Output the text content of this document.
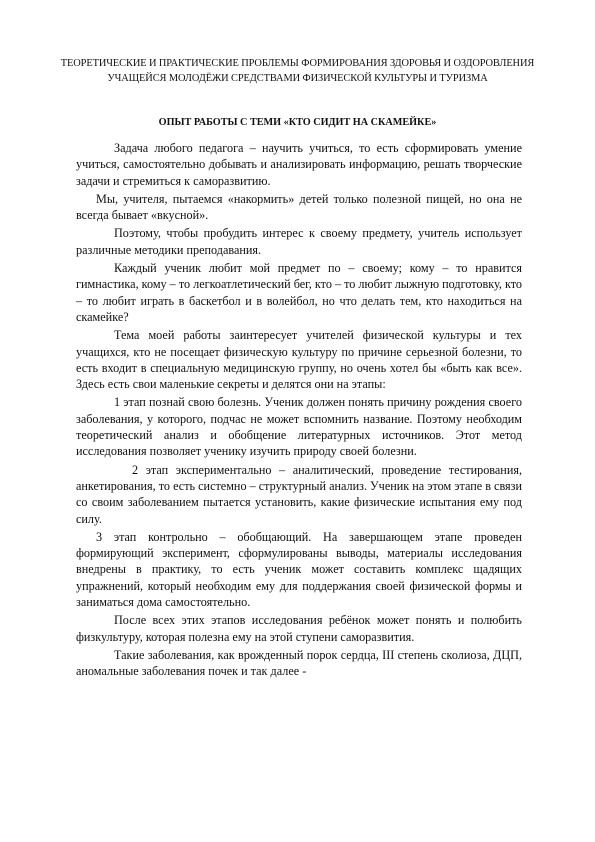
ТЕОРЕТИЧЕСКИЕ И ПРАКТИЧЕСКИЕ ПРОБЛЕМЫ ФОРМИРОВАНИЯ ЗДОРОВЬЯ И ОЗДОРОВЛЕНИЯ УЧАЩЕЙСЯ МОЛОДЁЖИ СРЕДСТВАМИ ФИЗИЧЕСКОЙ КУЛЬТУРЫ И ТУРИЗМА
ОПЫТ РАБОТЫ С ТЕМИ «КТО СИДИТ НА СКАМЕЙКЕ»

Задача любого педагога – научить учиться, то есть сформировать умение учиться, самостоятельно добывать и анализировать информацию, решать творческие задачи и стремиться к саморазвитию.

Мы, учителя, пытаемся «накормить» детей только полезной пищей, но она не всегда бывает «вкусной».

Поэтому, чтобы пробудить интерес к своему предмету, учитель использует различные методики преподавания.

Каждый ученик любит мой предмет по – своему; кому – то нравится гимнастика, кому – то легкоатлетический бег, кто – то любит лыжную подготовку, кто – то любит играть в баскетбол и в волейбол, но что делать тем, кто находиться на скамейке?

Тема моей работы заинтересует учителей физической культуры и тех учащихся, кто не посещает физическую культуру по причине серьезной болезни, то есть входит в специальную медицинскую группу, но очень хотел бы «быть как все». Здесь есть свои маленькие секреты и делятся они на этапы:

1 этап познай свою болезнь. Ученик должен понять причину рождения своего заболевания, у которого, подчас не может вспомнить название. Поэтому необходим теоретический анализ и обобщение литературных источников. Этот метод исследования позволяет ученику изучить природу своей болезни.

2 этап экспериментально – аналитический, проведение тестирования, анкетирования, то есть системно – структурный анализ. Ученик на этом этапе в связи со своим заболеванием пытается установить, какие физические испытания ему под силу.

3 этап контрольно – обобщающий. На завершающем этапе проведен формирующий эксперимент, сформулированы выводы, материалы исследования внедрены в практику, то есть ученик может составить комплекс щадящих упражнений, который необходим ему для поддержания своей физической формы и заниматься дома самостоятельно.

После всех этих этапов исследования ребёнок может понять и полюбить физкультуру, которая полезна ему на этой ступени саморазвития.

Такие заболевания, как врожденный порок сердца, III степень сколиоза, ДЦП, аномальные заболевания почек и так далее -
